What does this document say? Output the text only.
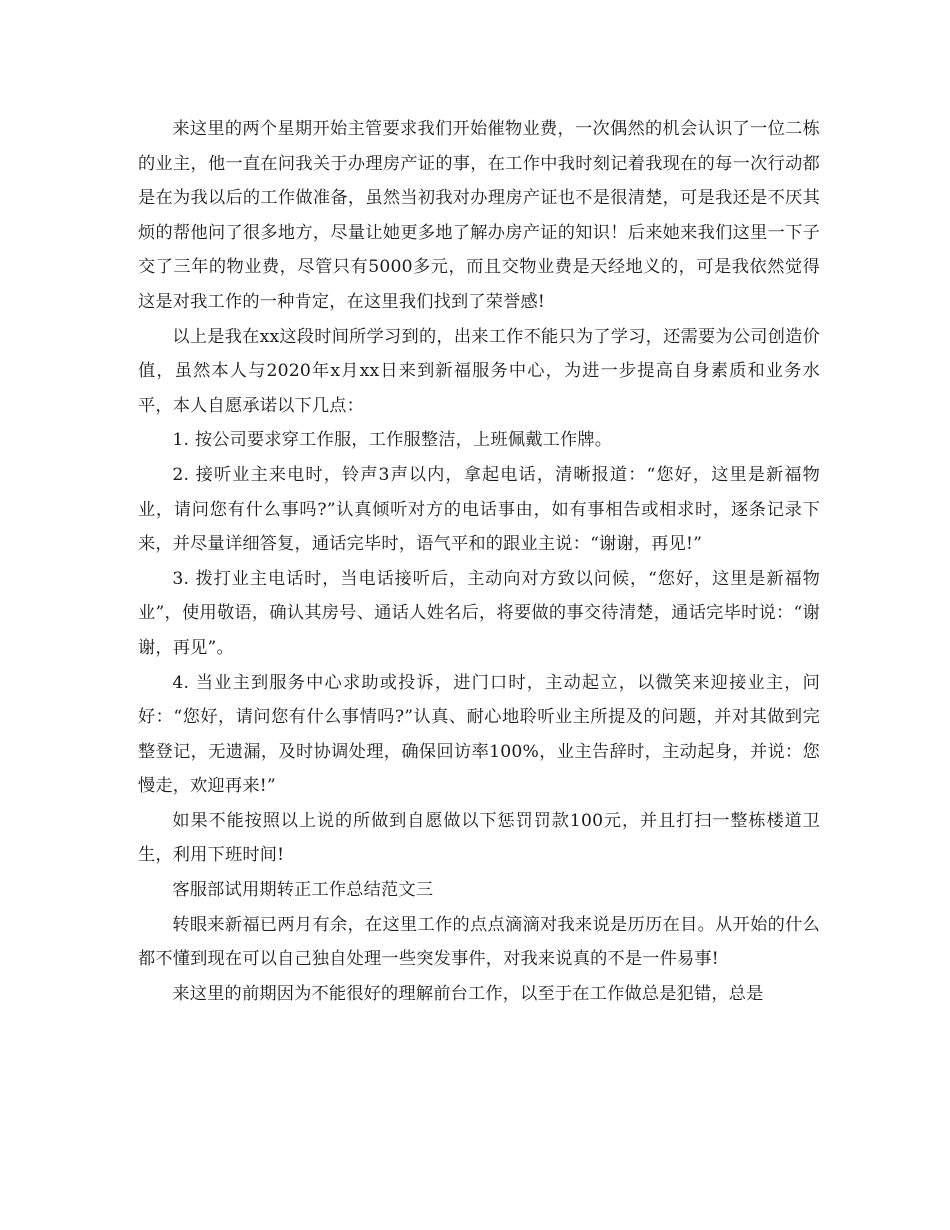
来这里的两个星期开始主管要求我们开始催物业费，一次偶然的机会认识了一位二栋的业主，他一直在问我关于办理房产证的事，在工作中我时刻记着我现在的每一次行动都是在为我以后的工作做准备，虽然当初我对办理房产证也不是很清楚，可是我还是不厌其烦的帮他问了很多地方，尽量让她更多地了解办房产证的知识！后来她来我们这里一下子交了三年的物业费，尽管只有5000多元，而且交物业费是天经地义的，可是我依然觉得这是对我工作的一种肯定，在这里我们找到了荣誉感!

以上是我在xx这段时间所学习到的，出来工作不能只为了学习，还需要为公司创造价值，虽然本人与2020年x月xx日来到新福服务中心，为进一步提高自身素质和业务水平，本人自愿承诺以下几点：

1. 按公司要求穿工作服，工作服整洁，上班佩戴工作牌。

2. 接听业主来电时，铃声3声以内，拿起电话，清晰报道：“您好，这里是新福物业，请问您有什么事吗?”认真倾听对方的电话事由，如有事相告或相求时，逐条记录下来，并尽量详细答复，通话完毕时，语气平和的跟业主说：“谢谢，再见!”

3. 拨打业主电话时，当电话接听后，主动向对方致以问候，“您好，这里是新福物业”，使用敬语，确认其房号、通话人姓名后，将要做的事交待清楚，通话完毕时说：“谢谢，再见”。

4. 当业主到服务中心求助或投诉，进门口时，主动起立，以微笑来迎接业主，问好：“您好，请问您有什么事情吗?”认真、耐心地聆听业主所提及的问题，并对其做到完整登记，无遗漏，及时协调处理，确保回访率100%，业主告辞时，主动起身，并说：您慢走，欢迎再来!”

如果不能按照以上说的所做到自愿做以下惩罚罚款100元，并且打扫一整栋楼道卫生，利用下班时间!

客服部试用期转正工作总结范文三

转眼来新福已两月有余，在这里工作的点点滴滴对我来说是历历在目。从开始的什么都不懂到现在可以自己独自处理一些突发事件，对我来说真的不是一件易事!

来这里的前期因为不能很好的理解前台工作，以至于在工作做总是犯错，总是
